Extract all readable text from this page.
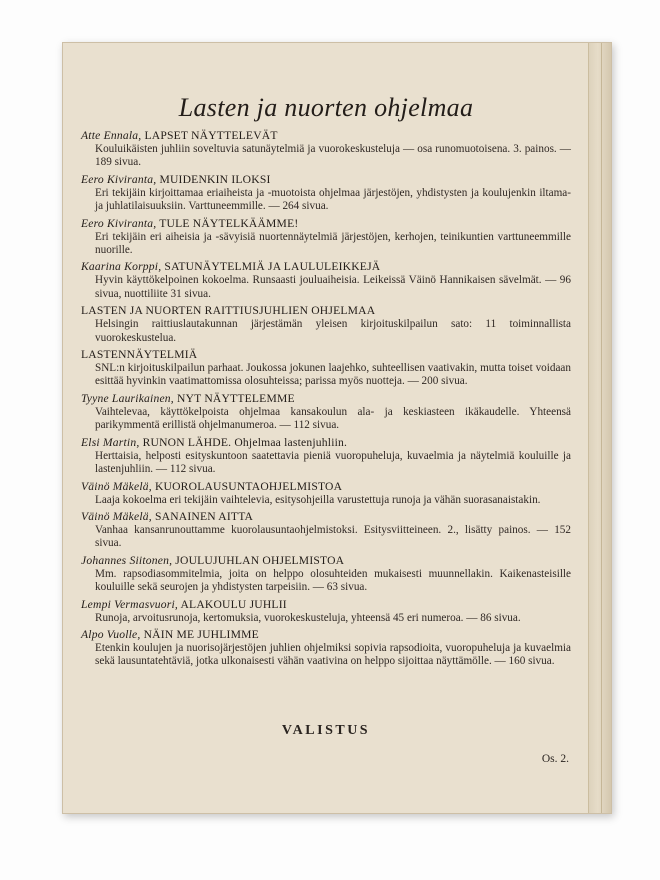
Lasten ja nuorten ohjelmaa
Atte Ennala, LAPSET NÄYTTELEVÄT
Kouluikäisten juhliin soveltuvia satunäytelmiä ja vuorokeskusteluja — osa runomuotoisena. 3. painos. — 189 sivua.
Eero Kiviranta, MUIDENKIN ILOKSI
Eri tekijäin kirjoittamaa eriaiheista ja -muotoista ohjelmaa järjestöjen, yhdistysten ja koulujenkin iltama- ja juhlatilaisuuksiin. Varttuneemmille. — 264 sivua.
Eero Kiviranta, TULE NÄYTELKÄÄMME!
Eri tekijäin eri aiheisia ja -sävyisiä nuortennäytelmiä järjestöjen, kerhojen, teinikuntien varttuneemmille nuorille.
Kaarina Korppi, SATUNÄYTELMIÄ JA LAULULEIKKEJÄ
Hyvin käyttökelpoinen kokoelma. Runsaasti jouluaiheisia. Leikeissä Väinö Hannikaisen sävelmät. — 96 sivua, nuottiliite 31 sivua.
LASTEN JA NUORTEN RAITTIUSJUHLIEN OHJELMAA
Helsingin raittiuslautakunnan järjestämän yleisen kirjoituskilpailun sato: 11 toiminnallista vuorokeskustelua.
LASTENNÄYTELMIÄ
SNL:n kirjoituskilpailun parhaat. Joukossa jokunen laajehko, suhteellisen vaativakin, mutta toiset voidaan esittää hyvinkin vaatimattomissa olosuhteissa; parissa myös nuotteja. — 200 sivua.
Tyyne Laurikainen, NYT NÄYTTELEMME
Vaihtelevaa, käyttökelpoista ohjelmaa kansakoulun ala- ja keskiasteen ikäkaudelle. Yhteensä parikymmentä erillistä ohjelmanumeroa. — 112 sivua.
Elsi Martin, RUNON LÄHDE. Ohjelmaa lastenjuhliin.
Herttaisia, helposti esityskuntoon saatettavia pieniä vuoropuheluja, kuvaelmia ja näytelmiä kouluille ja lastenjuhliin. — 112 sivua.
Väinö Mäkelä, KUOROLAUSUNTAOHJELMISTOA
Laaja kokoelma eri tekijäin vaihtelevia, esitysohjeilla varustettuja runoja ja vähän suorasanaistakin.
Väinö Mäkelä, SANAINEN AITTA
Vanhaa kansanrunouttamme kuorolausuntaohjelmistoksi. Esitysviitteineen. 2., lisätty painos. — 152 sivua.
Johannes Siitonen, JOULUJUHLAN OHJELMISTOA
Mm. rapsodiasommitelmia, joita on helppo olosuhteiden mukaisesti muunnellakin. Kaikenasteisille kouluille sekä seurojen ja yhdistysten tarpeisiin. — 63 sivua.
Lempi Vermasvuori, ALAKOULU JUHLII
Runoja, arvoitusrunoja, kertomuksia, vuorokeskusteluja, yhteensä 45 eri numeroa. — 86 sivua.
Alpo Vuolle, NÄIN ME JUHLIMME
Etenkin koulujen ja nuorisojärjestöjen juhlien ohjelmiksi sopivia rapsodioita, vuoropuheluja ja kuvaelmia sekä lausuntatehtäviä, jotka ulkonaisesti vähän vaativina on helppo sijoittaa näyttämölle. — 160 sivua.
VALISTUS
Os. 2.
